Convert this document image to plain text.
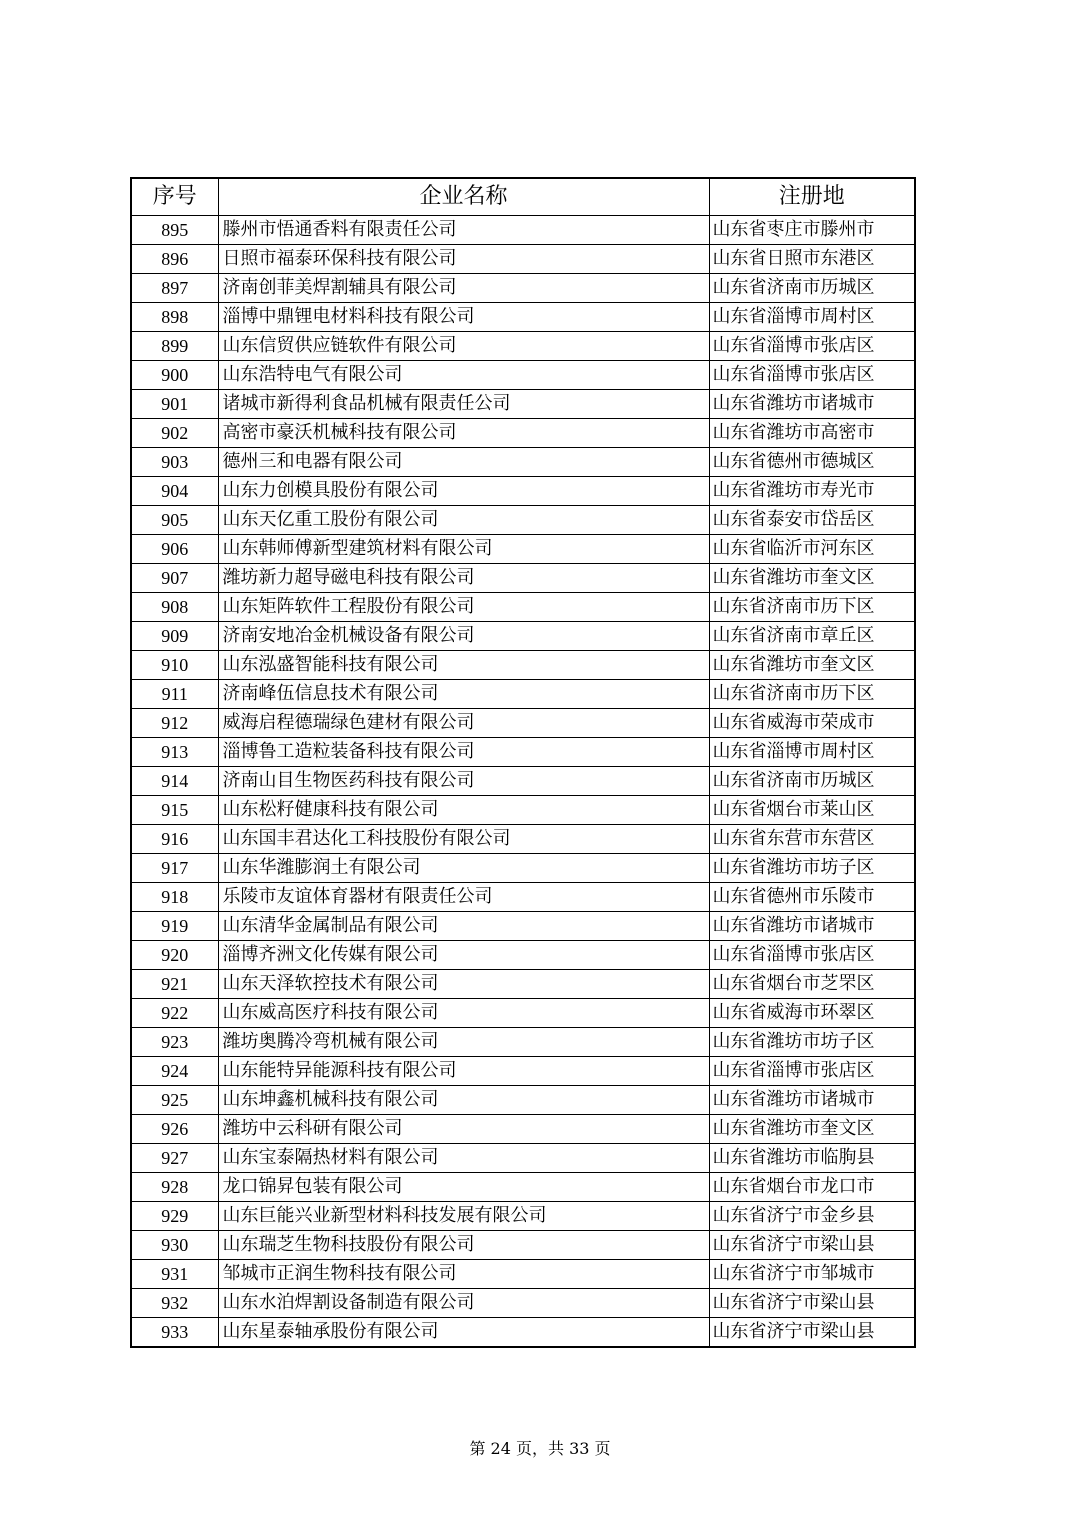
序号	企业名称	注册地
895	滕州市悟通香料有限责任公司	山东省枣庄市滕州市
896	日照市福泰环保科技有限公司	山东省日照市东港区
897	济南创菲美焊割辅具有限公司	山东省济南市历城区
898	淄博中鼎锂电材料科技有限公司	山东省淄博市周村区
899	山东信贸供应链软件有限公司	山东省淄博市张店区
900	山东浩特电气有限公司	山东省淄博市张店区
901	诸城市新得利食品机械有限责任公司	山东省潍坊市诸城市
902	高密市豪沃机械科技有限公司	山东省潍坊市高密市
903	德州三和电器有限公司	山东省德州市德城区
904	山东力创模具股份有限公司	山东省潍坊市寿光市
905	山东天亿重工股份有限公司	山东省泰安市岱岳区
906	山东韩师傅新型建筑材料有限公司	山东省临沂市河东区
907	潍坊新力超导磁电科技有限公司	山东省潍坊市奎文区
908	山东矩阵软件工程股份有限公司	山东省济南市历下区
909	济南安地冶金机械设备有限公司	山东省济南市章丘区
910	山东泓盛智能科技有限公司	山东省潍坊市奎文区
911	济南峰伍信息技术有限公司	山东省济南市历下区
912	威海启程德瑞绿色建材有限公司	山东省威海市荣成市
913	淄博鲁工造粒装备科技有限公司	山东省淄博市周村区
914	济南山目生物医药科技有限公司	山东省济南市历城区
915	山东松籽健康科技有限公司	山东省烟台市莱山区
916	山东国丰君达化工科技股份有限公司	山东省东营市东营区
917	山东华潍膨润土有限公司	山东省潍坊市坊子区
918	乐陵市友谊体育器材有限责任公司	山东省德州市乐陵市
919	山东清华金属制品有限公司	山东省潍坊市诸城市
920	淄博齐洲文化传媒有限公司	山东省淄博市张店区
921	山东天泽软控技术有限公司	山东省烟台市芝罘区
922	山东威高医疗科技有限公司	山东省威海市环翠区
923	潍坊奥腾冷弯机械有限公司	山东省潍坊市坊子区
924	山东能特异能源科技有限公司	山东省淄博市张店区
925	山东坤鑫机械科技有限公司	山东省潍坊市诸城市
926	潍坊中云科研有限公司	山东省潍坊市奎文区
927	山东宝泰隔热材料有限公司	山东省潍坊市临朐县
928	龙口锦昇包装有限公司	山东省烟台市龙口市
929	山东巨能兴业新型材料科技发展有限公司	山东省济宁市金乡县
930	山东瑞芝生物科技股份有限公司	山东省济宁市梁山县
931	邹城市正润生物科技有限公司	山东省济宁市邹城市
932	山东水泊焊割设备制造有限公司	山东省济宁市梁山县
933	山东星泰轴承股份有限公司	山东省济宁市梁山县
第 24 页，共 33 页
